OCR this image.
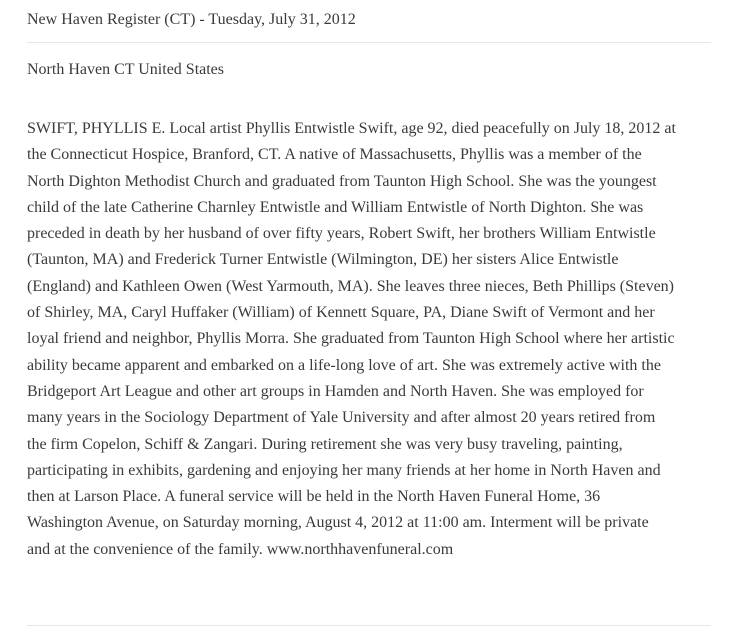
New Haven Register (CT) - Tuesday, July 31, 2012
North Haven CT United States

SWIFT, PHYLLIS E. Local artist Phyllis Entwistle Swift, age 92, died peacefully on July 18, 2012 at
the Connecticut Hospice, Branford, CT. A native of Massachusetts, Phyllis was a member of the
North Dighton Methodist Church and graduated from Taunton High School. She was the youngest
child of the late Catherine Charnley Entwistle and William Entwistle of North Dighton. She was
preceded in death by her husband of over fifty years, Robert Swift, her brothers William Entwistle
(Taunton, MA) and Frederick Turner Entwistle (Wilmington, DE) her sisters Alice Entwistle
(England) and Kathleen Owen (West Yarmouth, MA). She leaves three nieces, Beth Phillips (Steven)
of Shirley, MA, Caryl Huffaker (William) of Kennett Square, PA, Diane Swift of Vermont and her
loyal friend and neighbor, Phyllis Morra. She graduated from Taunton High School where her artistic
ability became apparent and embarked on a life-long love of art. She was extremely active with the
Bridgeport Art League and other art groups in Hamden and North Haven. She was employed for
many years in the Sociology Department of Yale University and after almost 20 years retired from
the firm Copelon, Schiff & Zangari. During retirement she was very busy traveling, painting,
participating in exhibits, gardening and enjoying her many friends at her home in North Haven and
then at Larson Place. A funeral service will be held in the North Haven Funeral Home, 36
Washington Avenue, on Saturday morning, August 4, 2012 at 11:00 am. Interment will be private
and at the convenience of the family. www.northhavenfuneral.com
